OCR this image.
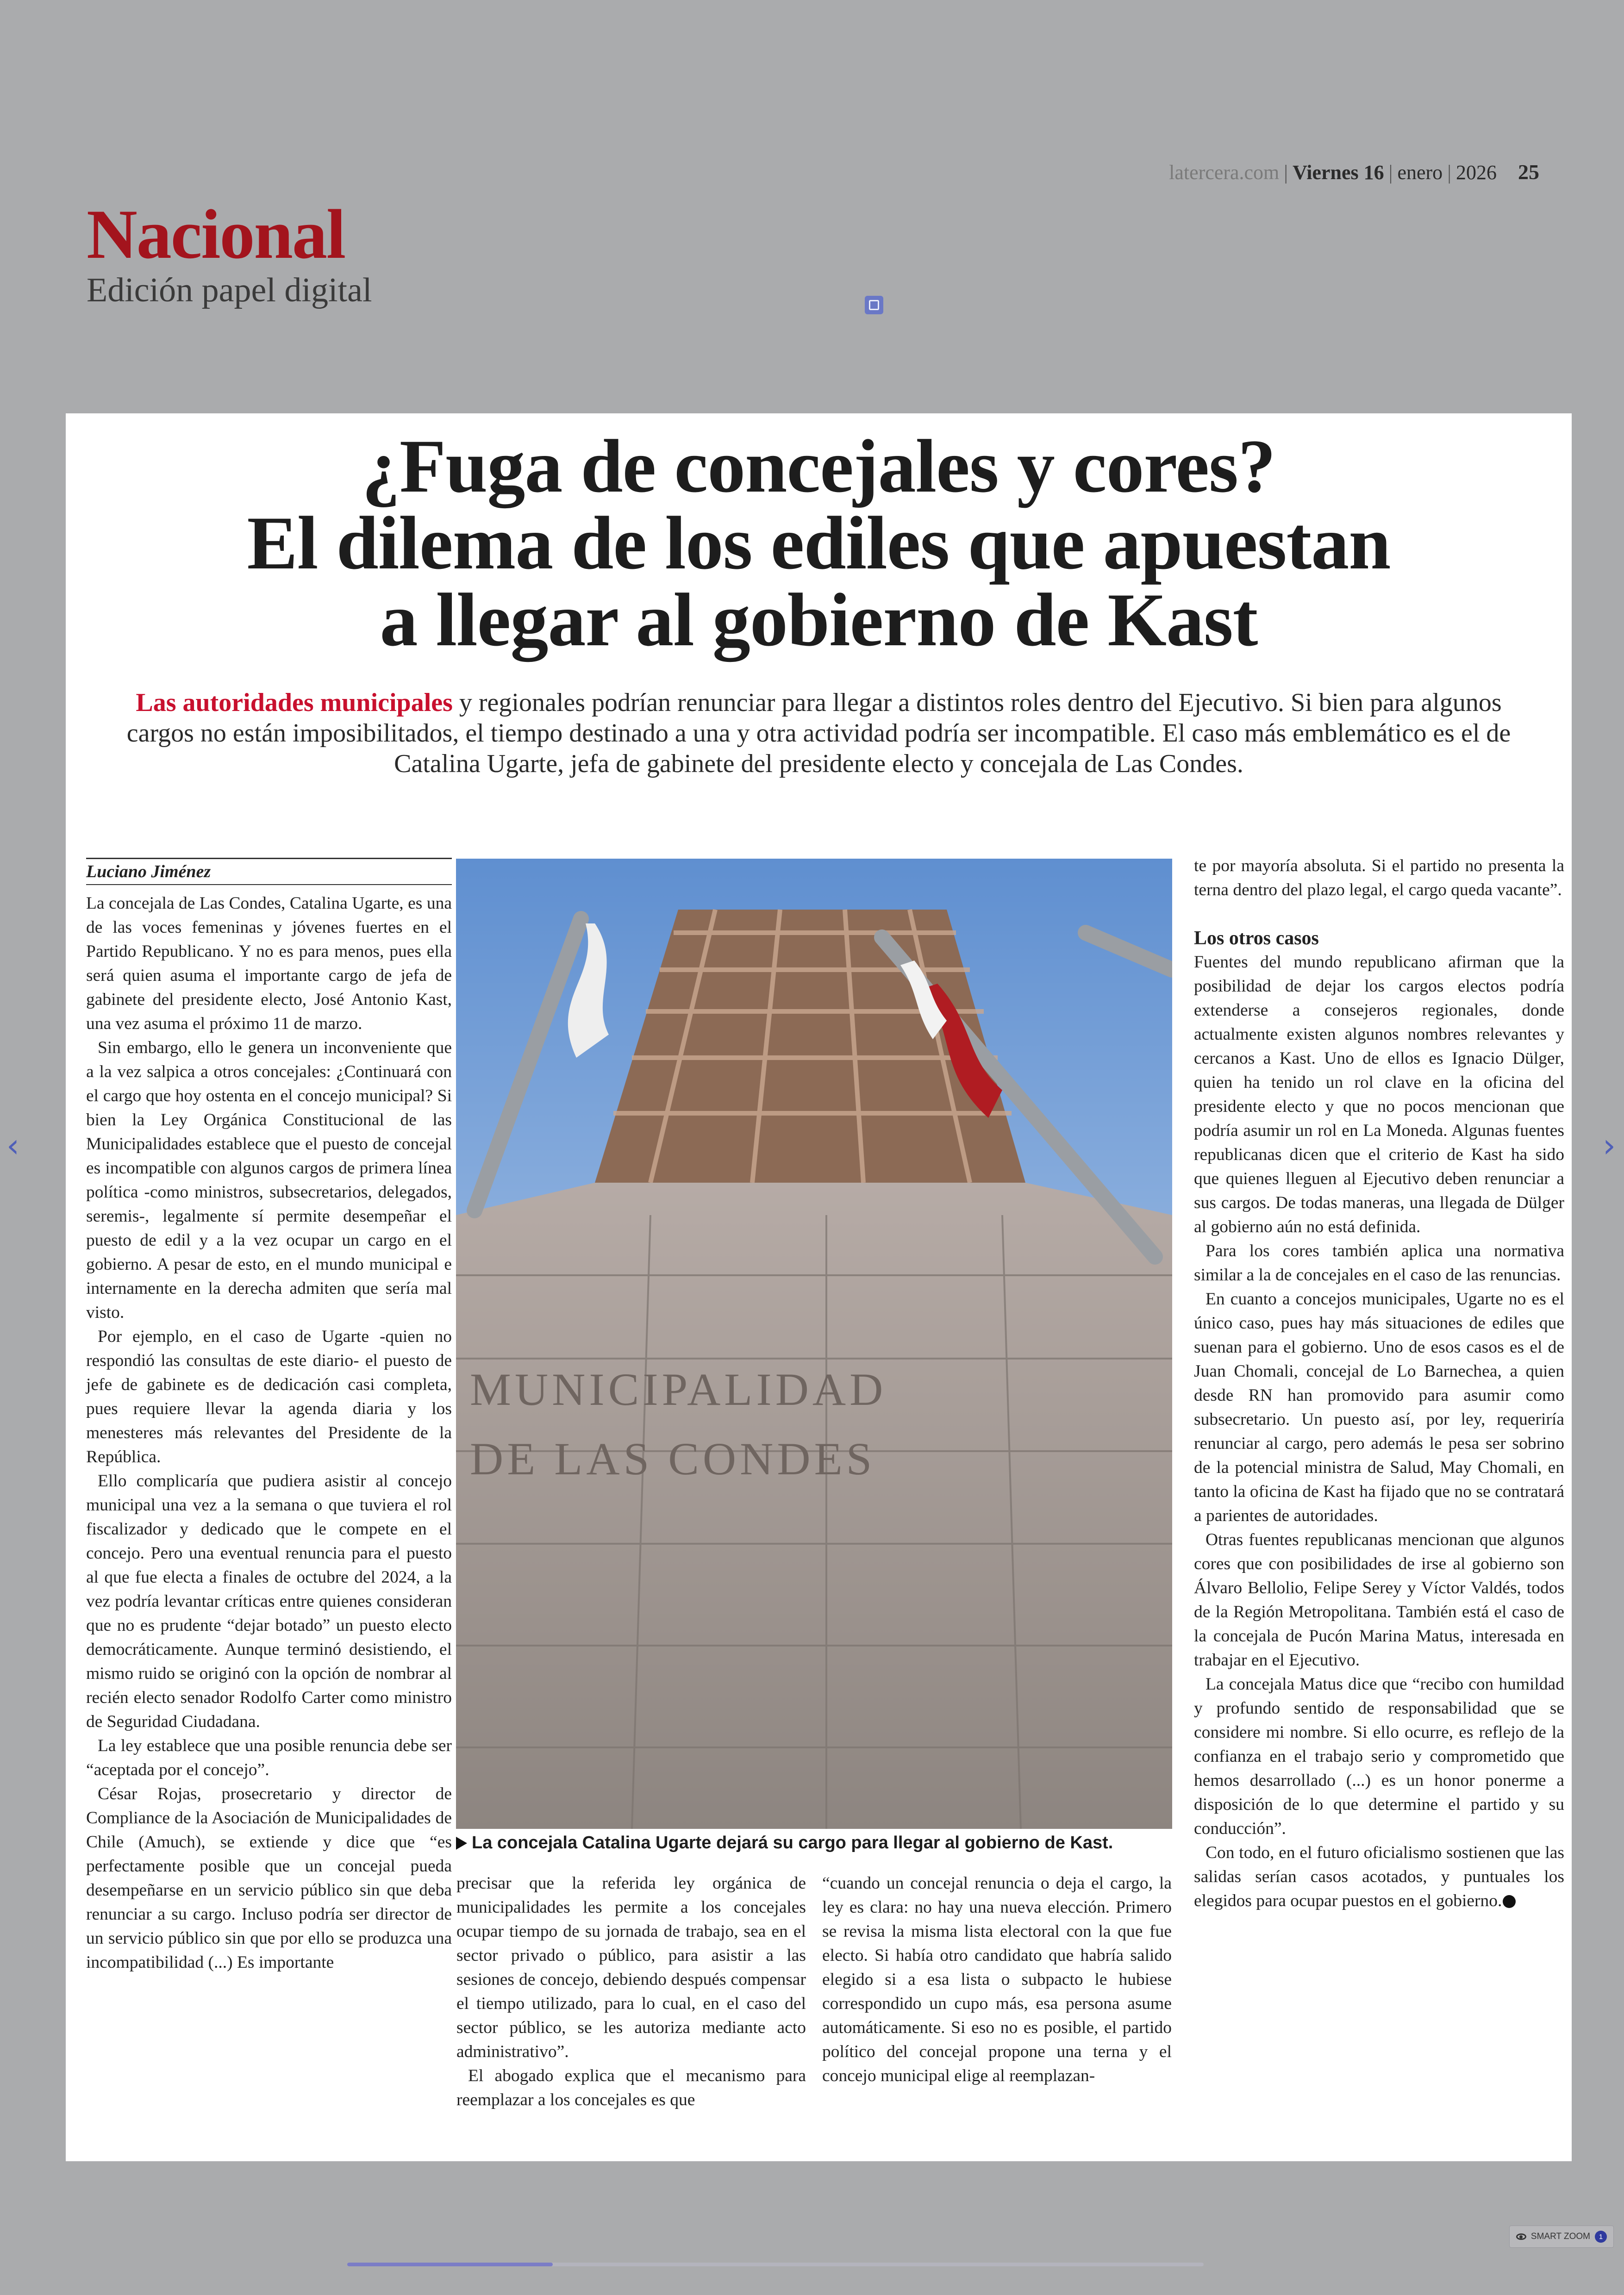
latercera.com | Viernes 16 | enero | 2026 25
Nacional
Edición papel digital
‹	›
¿Fuga de concejales y cores?
El dilema de los ediles que apuestan
a llegar al gobierno de Kast
Las autoridades municipales y regionales podrían renunciar para llegar a distintos roles dentro del Ejecutivo. Si bien para algunos cargos no están imposibilitados, el tiempo destinado a una y otra actividad podría ser incompatible. El caso más emblemático es el de Catalina Ugarte, jefa de gabinete del presidente electo y concejala de Las Condes.
Luciano Jiménez

La concejala de Las Condes, Catalina Ugarte, es una de las voces femeninas y jóvenes fuertes en el Partido Republicano. Y no es para menos, pues ella será quien asuma el importante cargo de jefa de gabinete del presidente electo, José Antonio Kast, una vez asuma el próximo 11 de marzo.

Sin embargo, ello le genera un inconveniente que a la vez salpica a otros concejales: ¿Continuará con el cargo que hoy ostenta en el concejo municipal? Si bien la Ley Orgánica Constitucional de las Municipalidades establece que el puesto de concejal es incompatible con algunos cargos de primera línea política -como ministros, subsecretarios, delegados, seremis-, legalmente sí permite desempeñar el puesto de edil y a la vez ocupar un cargo en el gobierno. A pesar de esto, en el mundo municipal e internamente en la derecha admiten que sería mal visto.

Por ejemplo, en el caso de Ugarte -quien no respondió las consultas de este diario- el puesto de jefe de gabinete es de dedicación casi completa, pues requiere llevar la agenda diaria y los menesteres más relevantes del Presidente de la República.

Ello complicaría que pudiera asistir al concejo municipal una vez a la semana o que tuviera el rol fiscalizador y dedicado que le compete en el concejo. Pero una eventual renuncia para el puesto al que fue electa a finales de octubre del 2024, a la vez podría levantar críticas entre quienes consideran que no es prudente “dejar botado” un puesto electo democráticamente. Aunque terminó desistiendo, el mismo ruido se originó con la opción de nombrar al recién electo senador Rodolfo Carter como ministro de Seguridad Ciudadana.

La ley establece que una posible renuncia debe ser “aceptada por el concejo”.

César Rojas, prosecretario y director de Compliance de la Asociación de Municipalidades de Chile (Amuch), se extiende y dice que “es perfectamente posible que un concejal pueda desempeñarse en un servicio público sin que deba renunciar a su cargo. Incluso podría ser director de un servicio público sin que por ello se produzca una incompatibilidad (...) Es importante

MUNICIPALIDAD
DE LAS CONDES
La concejala Catalina Ugarte dejará su cargo para llegar al gobierno de Kast.

precisar que la referida ley orgánica de municipalidades les permite a los concejales ocupar tiempo de su jornada de trabajo, sea en el sector privado o público, para asistir a las sesiones de concejo, debiendo después compensar el tiempo utilizado, para lo cual, en el caso del sector público, se les autoriza mediante acto administrativo”.

El abogado explica que el mecanismo para reemplazar a los concejales es que

“cuando un concejal renuncia o deja el cargo, la ley es clara: no hay una nueva elección. Primero se revisa la misma lista electoral con la que fue electo. Si había otro candidato que habría salido elegido si a esa lista o subpacto le hubiese correspondido un cupo más, esa persona asume automáticamente. Si eso no es posible, el partido político del concejal propone una terna y el concejo municipal elige al reemplazan-

te por mayoría absoluta. Si el partido no presenta la terna dentro del plazo legal, el cargo queda vacante”.

Los otros casos

Fuentes del mundo republicano afirman que la posibilidad de dejar los cargos electos podría extenderse a consejeros regionales, donde actualmente existen algunos nombres relevantes y cercanos a Kast. Uno de ellos es Ignacio Dülger, quien ha tenido un rol clave en la oficina del presidente electo y que no pocos mencionan que podría asumir un rol en La Moneda. Algunas fuentes republicanas dicen que el criterio de Kast ha sido que quienes lleguen al Ejecutivo deben renunciar a sus cargos. De todas maneras, una llegada de Dülger al gobierno aún no está definida.

Para los cores también aplica una normativa similar a la de concejales en el caso de las renuncias.

En cuanto a concejos municipales, Ugarte no es el único caso, pues hay más situaciones de ediles que suenan para el gobierno. Uno de esos casos es el de Juan Chomali, concejal de Lo Barnechea, a quien desde RN han promovido para asumir como subsecretario. Un puesto así, por ley, requeriría renunciar al cargo, pero además le pesa ser sobrino de la potencial ministra de Salud, May Chomali, en tanto la oficina de Kast ha fijado que no se contratará a parientes de autoridades.

Otras fuentes republicanas mencionan que algunos cores que con posibilidades de irse al gobierno son Álvaro Bellolio, Felipe Serey y Víctor Valdés, todos de la Región Metropolitana. También está el caso de la concejala de Pucón Marina Matus, interesada en trabajar en el Ejecutivo.

La concejala Matus dice que “recibo con humildad y profundo sentido de responsabilidad que se considere mi nombre. Si ello ocurre, es reflejo de la confianza en el trabajo serio y comprometido que hemos desarrollado (...) es un honor ponerme a disposición de lo que determine el partido y su conducción”.

Con todo, en el futuro oficialismo sostienen que las salidas serían casos acotados, y puntuales los elegidos para ocupar puestos en el gobierno.

SMART ZOOM	1
